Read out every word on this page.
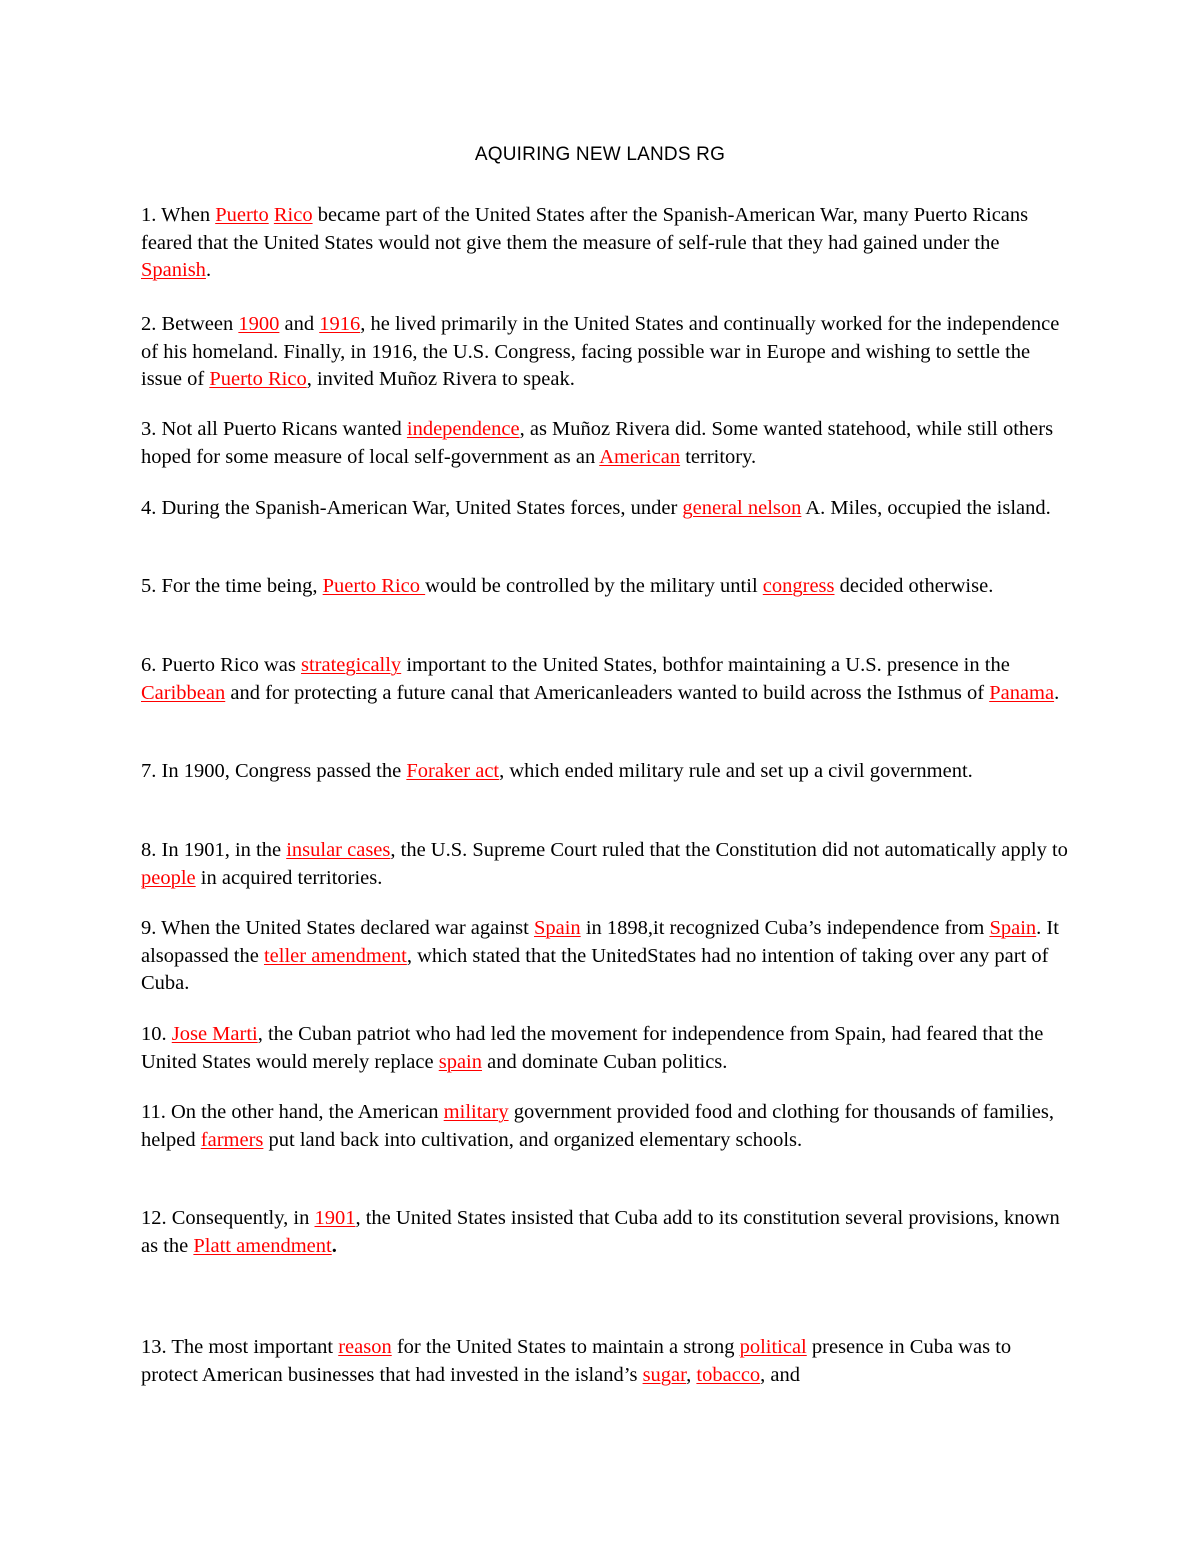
AQUIRING NEW LANDS RG

1. When Puerto Rico became part of the United States after the Spanish-American War, many Puerto Ricans feared that the United States would not give them the measure of self-rule that they had gained under the Spanish.

2. Between 1900 and 1916, he lived primarily in the United States and continually worked for the independence of his homeland. Finally, in 1916, the U.S. Congress, facing possible war in Europe and wishing to settle the issue of Puerto Rico, invited Muñoz Rivera to speak.

3. Not all Puerto Ricans wanted independence, as Muñoz Rivera did. Some wanted statehood, while still others hoped for some measure of local self-government as an American territory.

4. During the Spanish-American War, United States forces, under general nelson A. Miles, occupied the island.

5. For the time being, Puerto Rico would be controlled by the military until congress decided otherwise.

6. Puerto Rico was strategically important to the United States, bothfor maintaining a U.S. presence in the Caribbean and for protecting a future canal that Americanleaders wanted to build across the Isthmus of Panama.

7. In 1900, Congress passed the Foraker act, which ended military rule and set up a civil government.

8. In 1901, in the insular cases, the U.S. Supreme Court ruled that the Constitution did not automatically apply to people in acquired territories.

9. When the United States declared war against Spain in 1898,it recognized Cuba’s independence from Spain. It alsopassed the teller amendment, which stated that the UnitedStates had no intention of taking over any part of Cuba.

10. Jose Marti, the Cuban patriot who had led the movement for independence from Spain, had feared that the United States would merely replace spain and dominate Cuban politics.

11. On the other hand, the American military government provided food and clothing for thousands of families, helped farmers put land back into cultivation, and organized elementary schools.

12. Consequently, in 1901, the United States insisted that Cuba add to its constitution several provisions, known as the Platt amendment.

13. The most important reason for the United States to maintain a strong political presence in Cuba was to protect American businesses that had invested in the island’s sugar, tobacco, and
